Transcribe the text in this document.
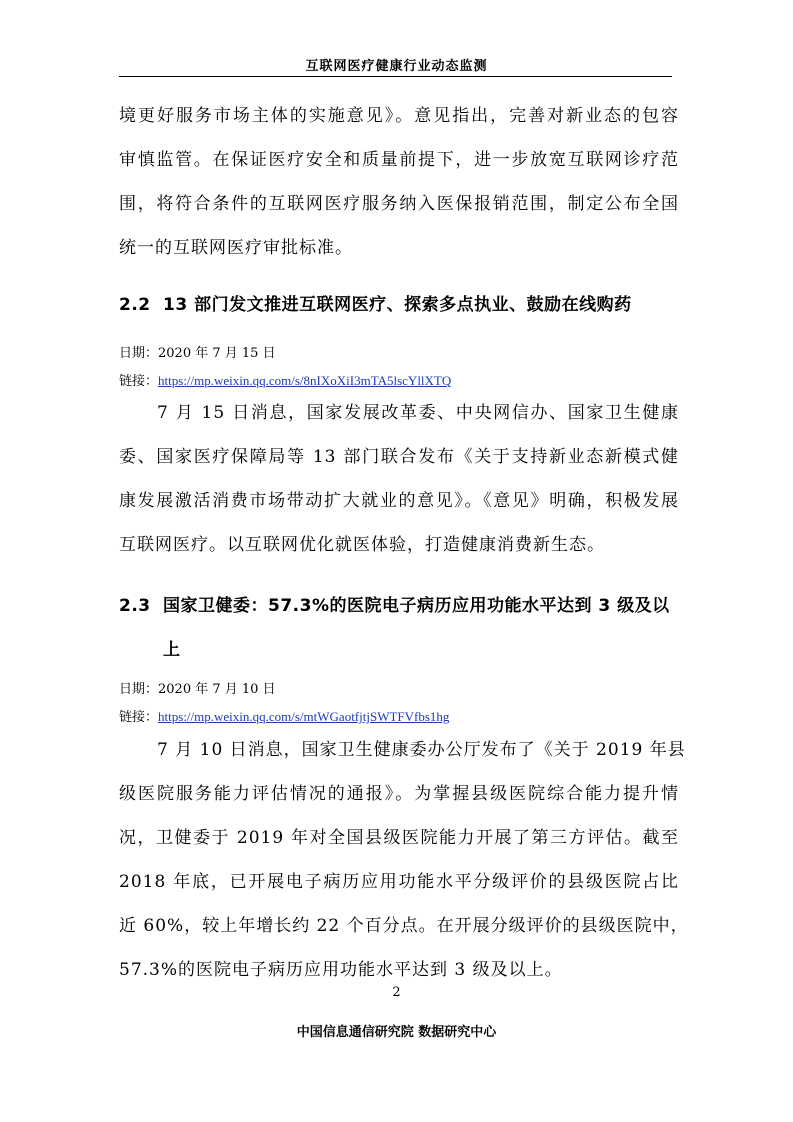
互联网医疗健康行业动态监测
境更好服务市场主体的实施意见》。意见指出，完善对新业态的包容
审慎监管。在保证医疗安全和质量前提下，进一步放宽互联网诊疗范
围，将符合条件的互联网医疗服务纳入医保报销范围，制定公布全国
统一的互联网医疗审批标准。
2.2 13 部门发文推进互联网医疗、探索多点执业、鼓励在线购药
日期：2020 年 7 月 15 日
链接：https://mp.weixin.qq.com/s/8nIXoXiI3mTA5lscYllXTQ
7 月 15 日消息，国家发展改革委、中央网信办、国家卫生健康
委、国家医疗保障局等 13 部门联合发布《关于支持新业态新模式健
康发展激活消费市场带动扩大就业的意见》。《意见》明确，积极发展
互联网医疗。以互联网优化就医体验，打造健康消费新生态。
2.3 国家卫健委：57.3%的医院电子病历应用功能水平达到 3 级及以
上
日期：2020 年 7 月 10 日
链接：https://mp.weixin.qq.com/s/mtWGaotfjtjSWTFVfbs1hg
7 月 10 日消息，国家卫生健康委办公厅发布了《关于 2019 年县
级医院服务能力评估情况的通报》。为掌握县级医院综合能力提升情
况，卫健委于 2019 年对全国县级医院能力开展了第三方评估。截至
2018 年底，已开展电子病历应用功能水平分级评价的县级医院占比
近 60%，较上年增长约 22 个百分点。在开展分级评价的县级医院中，
57.3%的医院电子病历应用功能水平达到 3 级及以上。
2
中国信息通信研究院 数据研究中心
